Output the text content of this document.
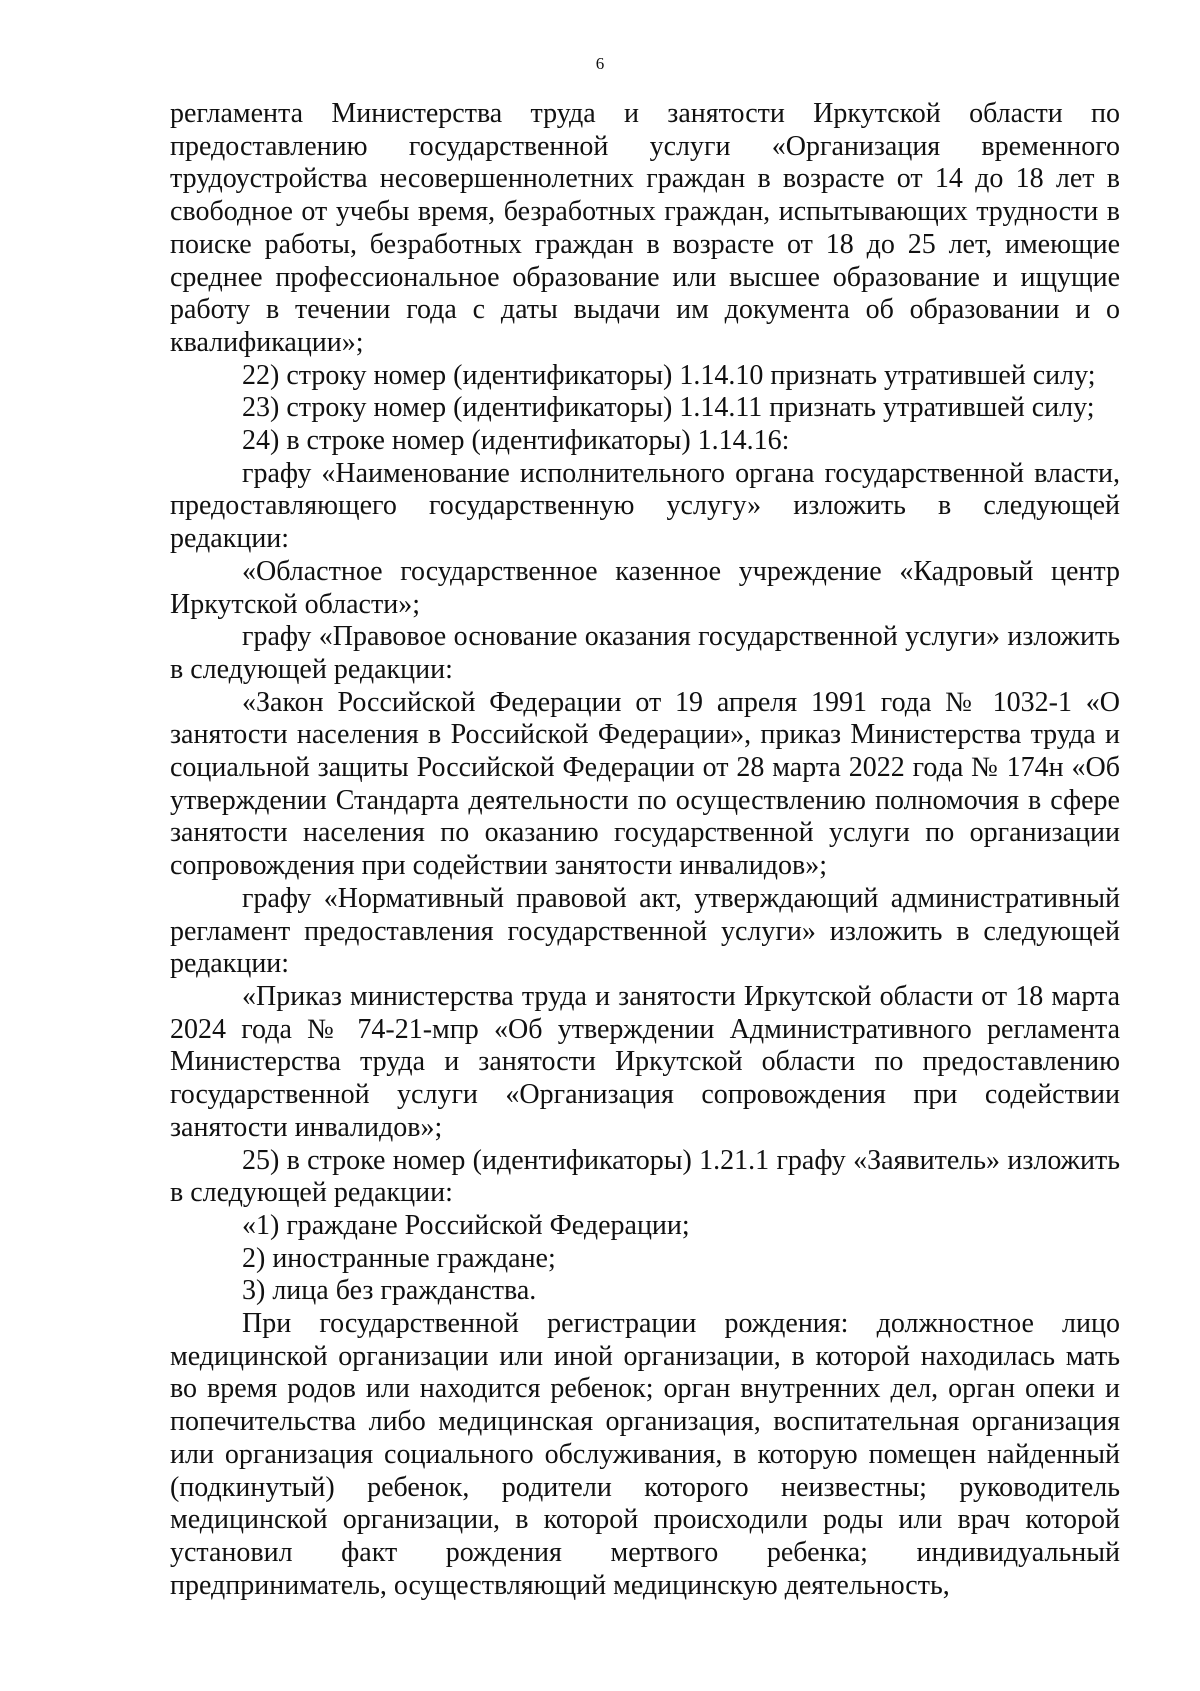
6

регламента Министерства труда и занятости Иркутской области по предоставлению государственной услуги «Организация временного трудоустройства несовершеннолетних граждан в возрасте от 14 до 18 лет в свободное от учебы время, безработных граждан, испытывающих трудности в поиске работы, безработных граждан в возрасте от 18 до 25 лет, имеющие среднее профессиональное образование или высшее образование и ищущие работу в течении года с даты выдачи им документа об образовании и о квалификации»;

22) строку номер (идентификаторы) 1.14.10 признать утратившей силу;

23) строку номер (идентификаторы) 1.14.11 признать утратившей силу;

24) в строке номер (идентификаторы) 1.14.16:

графу «Наименование исполнительного органа государственной власти, предоставляющего государственную услугу» изложить в следующей редакции:

«Областное государственное казенное учреждение «Кадровый центр Иркутской области»;

графу «Правовое основание оказания государственной услуги» изложить в следующей редакции:

«Закон Российской Федерации от 19 апреля 1991 года № 1032-1 «О занятости населения в Российской Федерации», приказ Министерства труда и социальной защиты Российской Федерации от 28 марта 2022 года № 174н «Об утверждении Стандарта деятельности по осуществлению полномочия в сфере занятости населения по оказанию государственной услуги по организации сопровождения при содействии занятости инвалидов»;

графу «Нормативный правовой акт, утверждающий административный регламент предоставления государственной услуги» изложить в следующей редакции:

«Приказ министерства труда и занятости Иркутской области от 18 марта 2024 года № 74-21-мпр «Об утверждении Административного регламента Министерства труда и занятости Иркутской области по предоставлению государственной услуги «Организация сопровождения при содействии занятости инвалидов»;

25) в строке номер (идентификаторы) 1.21.1 графу «Заявитель» изложить в следующей редакции:

«1) граждане Российской Федерации;

2) иностранные граждане;

3) лица без гражданства.

При государственной регистрации рождения: должностное лицо медицинской организации или иной организации, в которой находилась мать во время родов или находится ребенок; орган внутренних дел, орган опеки и попечительства либо медицинская организация, воспитательная организация или организация социального обслуживания, в которую помещен найденный (подкинутый) ребенок, родители которого неизвестны; руководитель медицинской организации, в которой происходили роды или врач которой установил факт рождения мертвого ребенка; индивидуальный предприниматель, осуществляющий медицинскую деятельность,
